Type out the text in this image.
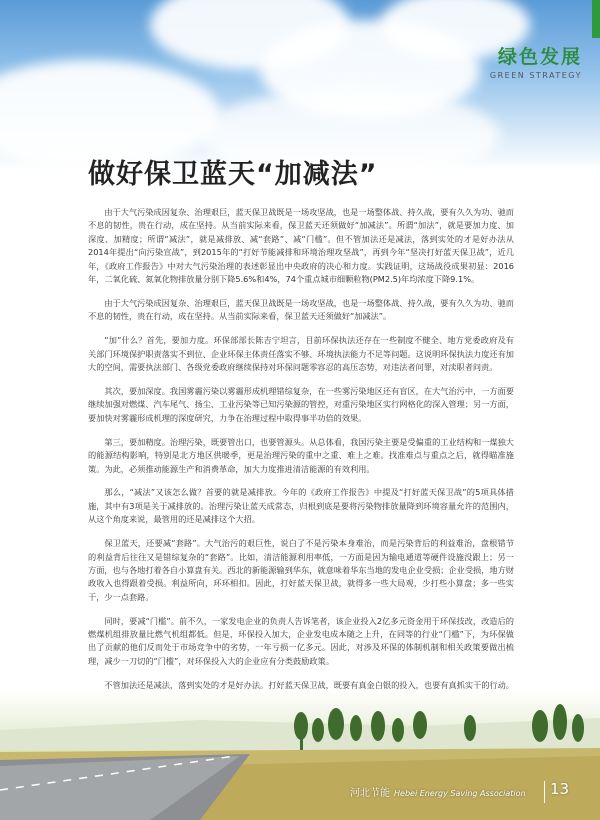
绿色发展
GREEN STRATEGY
做好保卫蓝天“加减法”

由于大气污染成因复杂、治理艰巨，蓝天保卫战既是一场攻坚战，也是一场整体战、持久战，要有久久为功、驰而不息的韧性，贵在行动，成在坚持。从当前实际来看，保卫蓝天还须做好“加减法”。所谓“加法”，就是要加力度、加深度、加精度；所谓“减法”，就是减排放、减“套路”、减“门槛”。但不管加法还是减法，落到实处的才是好办法从2014年提出“向污染宣战”，到2015年的“打好节能减排和环境治理攻坚战”，再到今年“坚决打好蓝天保卫战”，近几年，《政府工作报告》中对大气污染治理的表述彰显出中央政府的决心和力度。实践证明，这场战役成果初显：2016年，二氧化硫、氮氧化物排放量分别下降5.6%和4%，74个重点城市细颗粒物(PM2.5)年均浓度下降9.1%。

由于大气污染成因复杂、治理艰巨，蓝天保卫战既是一场攻坚战，也是一场整体战、持久战，要有久久为功、驰而不息的韧性，贵在行动，成在坚持。从当前实际来看，保卫蓝天还须做好“加减法”。

“加”什么？首先，要加力度。环保部部长陈吉宁坦言，目前环保执法还存在一些制度不健全、地方党委政府及有关部门环境保护职责落实不到位、企业环保主体责任落实不够、环境执法能力不足等问题。这说明环保执法力度还有加大的空间，需要执法部门、各级党委政府继续保持对环保问题零容忍的高压态势，对违法者问罪，对渎职者问责。

其次，要加深度。我国雾霾污染以雾霾形成机理错综复杂，在一些雾污染地区还有盲区，在大气治污中，一方面要继续加强对燃煤、汽车尾气、扬尘、工业污染等已知污染源的管控，对重污染地区实行网格化的深入管理；另一方面，要加快对雾霾形成机理的深度研究，力争在治理过程中取得事半功倍的效果。

第三，要加精度。治理污染，既要管出口，也要管源头。从总体看，我国污染主要是受偏重的工业结构和一煤独大的能源结构影响，特别是北方地区供暖季，更是治理污染的重中之重、难上之难。找准难点与重点之后，就得瞄准施策。为此，必须推动能源生产和消费革命，加大力度推进清洁能源的有效利用。

那么，“减法”又该怎么做？首要的就是减排放。今年的《政府工作报告》中提及“打好蓝天保卫战”的5项具体措施，其中有3项是关于减排放的。治理污染让蓝天成常态，归根到底是要将污染物排放量降到环境容量允许的范围内，从这个角度来说，最管用的还是减排这个大招。

保卫蓝天，还要减“套路”。大气治污的艰巨性，说白了不是污染本身难治，而是污染背后的利益难治，盘根错节的利益背后往往又是错综复杂的“套路”。比如，清洁能源利用率低，一方面是因为输电通道等硬件设施没跟上；另一方面，也与各地打着各自小算盘有关。西北的新能源输到华东，就意味着华东当地的发电企业受损；企业受损，地方财政收入也得跟着受损。利益所向，环环相扣。因此，打好蓝天保卫战，就得多一些大局观，少打些小算盘；多一些实干，少一点套路。

同时，要减“门槛”。前不久，一家发电企业的负责人告诉笔者，该企业投入2亿多元资金用于环保技改，改造后的燃煤机组排放量比燃气机组都低。但是，环保投入加大，企业发电成本随之上升，在同等的行业“门槛”下，为环保做出了贡献的他们反而处于市场竞争中的劣势，一年亏损一亿多元。因此，对涉及环保的体制机制和相关政策要做出梳理，减少一刀切的“门槛”，对环保投入大的企业应有分类鼓励政策。

不管加法还是减法，落到实处的才是好办法。打好蓝天保卫战，既要有真金白银的投入，也要有真抓实干的行动。

河北节能 Hebei Energy Saving Association 13
